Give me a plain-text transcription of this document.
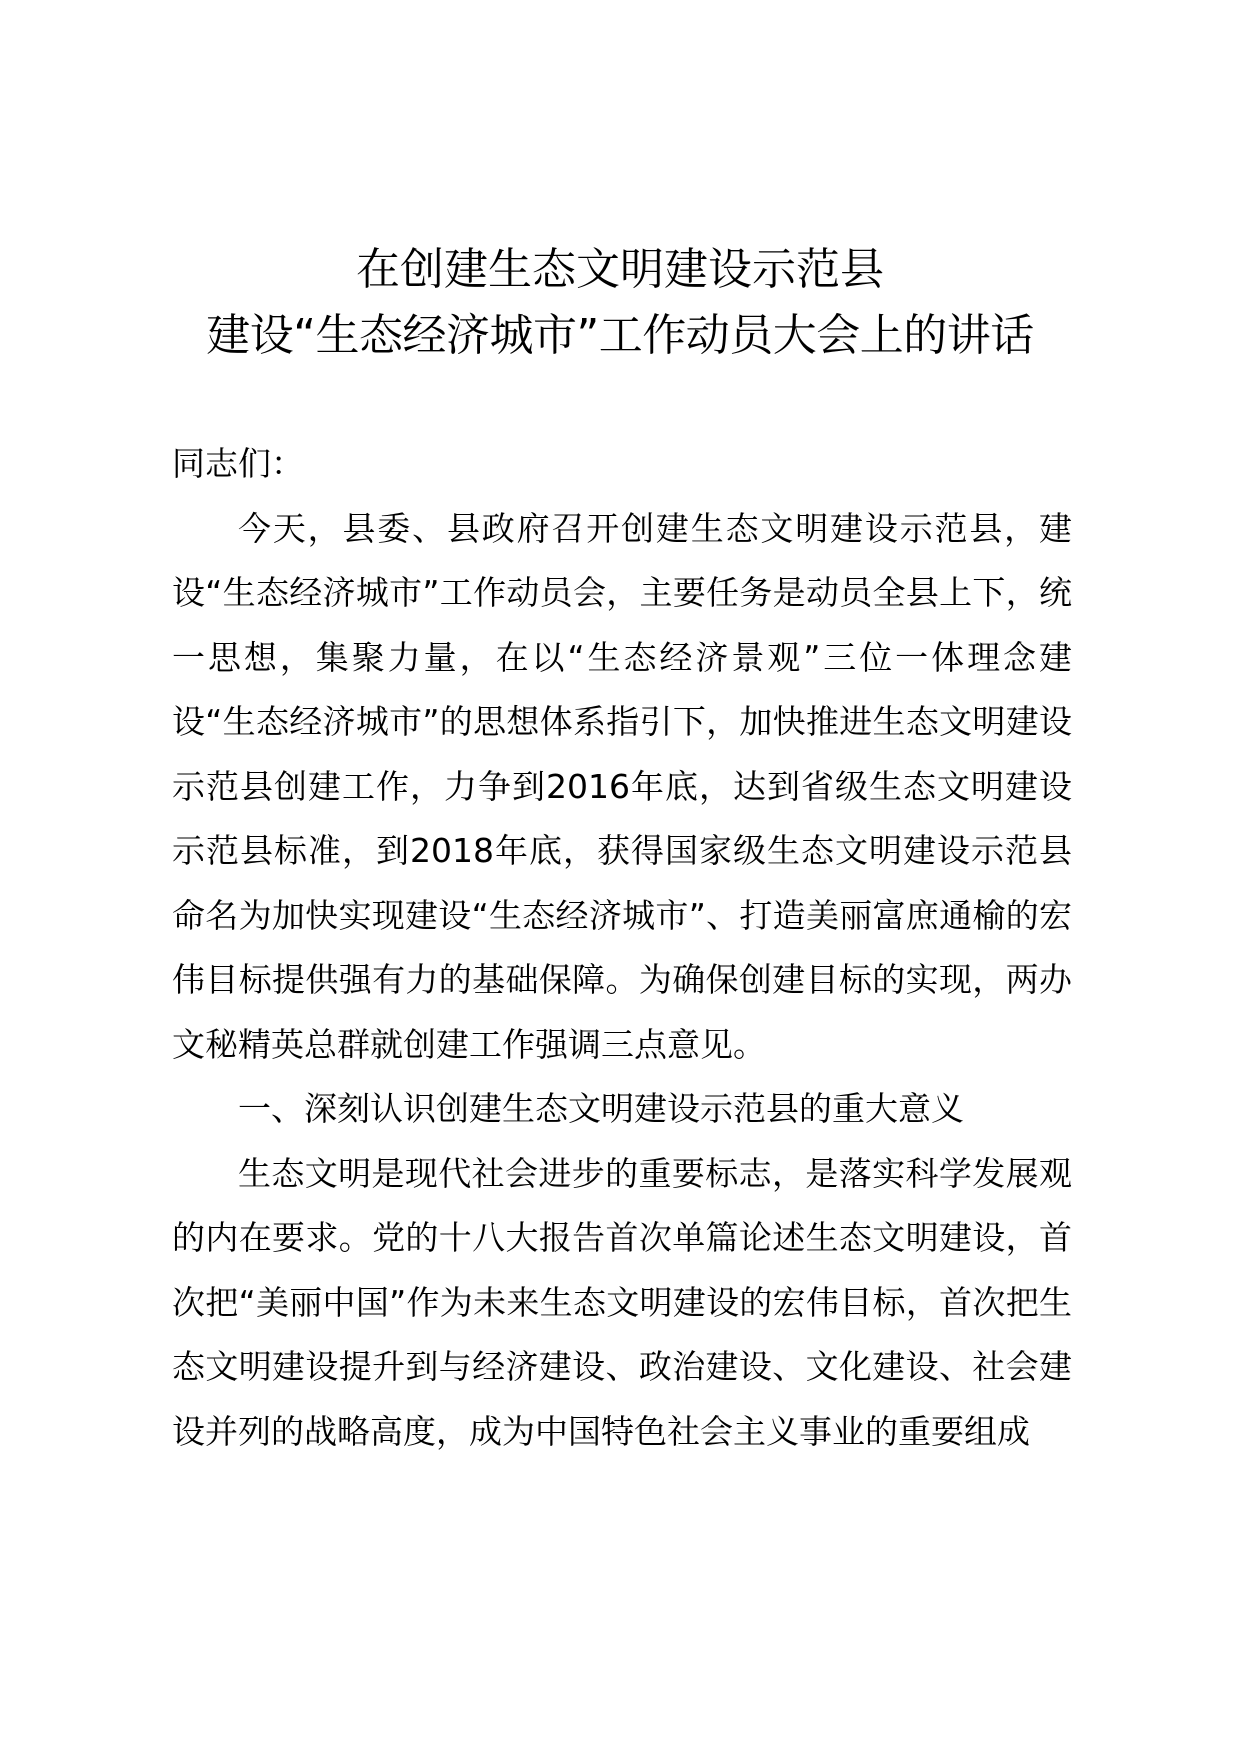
在创建生态文明建设示范县
建设“生态经济城市”工作动员大会上的讲话

同志们：

今天，县委、县政府召开创建生态文明建设示范县，建设“生态经济城市”工作动员会，主要任务是动员全县上下，统一思想，集聚力量，在以“生态经济景观”三位一体理念建设“生态经济城市”的思想体系指引下，加快推进生态文明建设示范县创建工作，力争到2016年底，达到省级生态文明建设示范县标准，到2018年底，获得国家级生态文明建设示范县命名为加快实现建设“生态经济城市”、打造美丽富庶通榆的宏伟目标提供强有力的基础保障。为确保创建目标的实现，两办文秘精英总群就创建工作强调三点意见。

一、深刻认识创建生态文明建设示范县的重大意义

生态文明是现代社会进步的重要标志，是落实科学发展观的内在要求。党的十八大报告首次单篇论述生态文明建设，首次把“美丽中国”作为未来生态文明建设的宏伟目标，首次把生态文明建设提升到与经济建设、政治建设、文化建设、社会建设并列的战略高度，成为中国特色社会主义事业的重要组成
